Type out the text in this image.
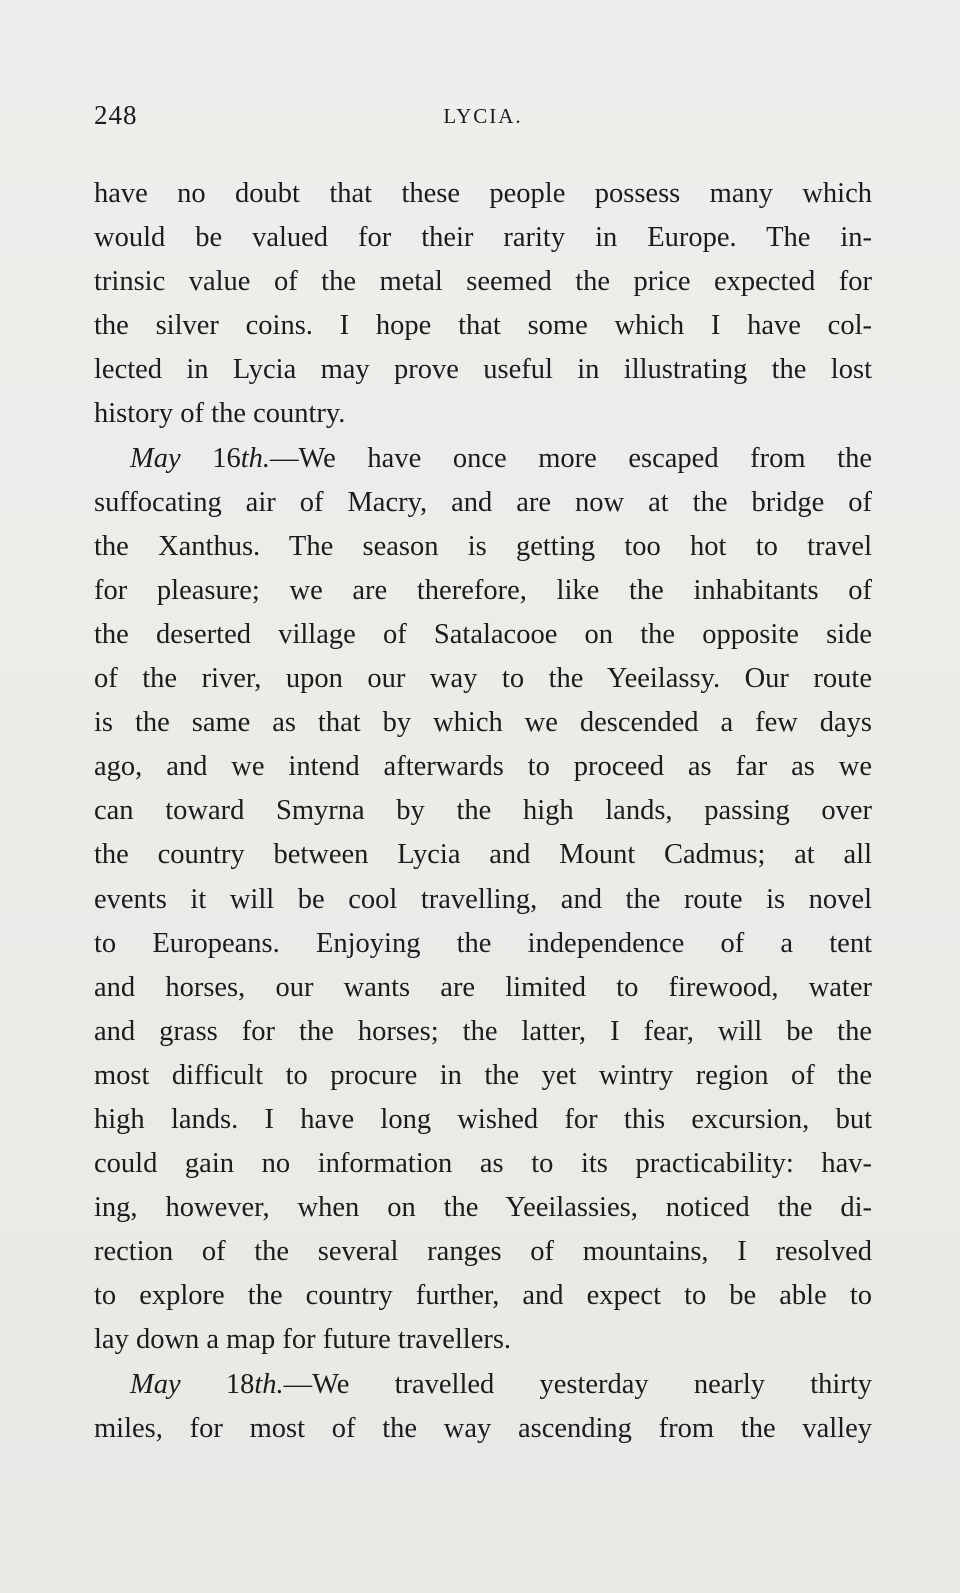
248	LYCIA.
have no doubt that these people possess many which
would be valued for their rarity in Europe. The in-
trinsic value of the metal seemed the price expected for
the silver coins. I hope that some which I have col-
lected in Lycia may prove useful in illustrating the lost
history of the country.
May 16th.—We have once more escaped from the
suffocating air of Macry, and are now at the bridge of
the Xanthus. The season is getting too hot to travel
for pleasure; we are therefore, like the inhabitants of
the deserted village of Satalacooe on the opposite side
of the river, upon our way to the Yeeilassy. Our route
is the same as that by which we descended a few days
ago, and we intend afterwards to proceed as far as we
can toward Smyrna by the high lands, passing over
the country between Lycia and Mount Cadmus; at all
events it will be cool travelling, and the route is novel
to Europeans. Enjoying the independence of a tent
and horses, our wants are limited to firewood, water
and grass for the horses; the latter, I fear, will be the
most difficult to procure in the yet wintry region of the
high lands. I have long wished for this excursion, but
could gain no information as to its practicability: hav-
ing, however, when on the Yeeilassies, noticed the di-
rection of the several ranges of mountains, I resolved
to explore the country further, and expect to be able to
lay down a map for future travellers.
May 18th.—We travelled yesterday nearly thirty
miles, for most of the way ascending from the valley
